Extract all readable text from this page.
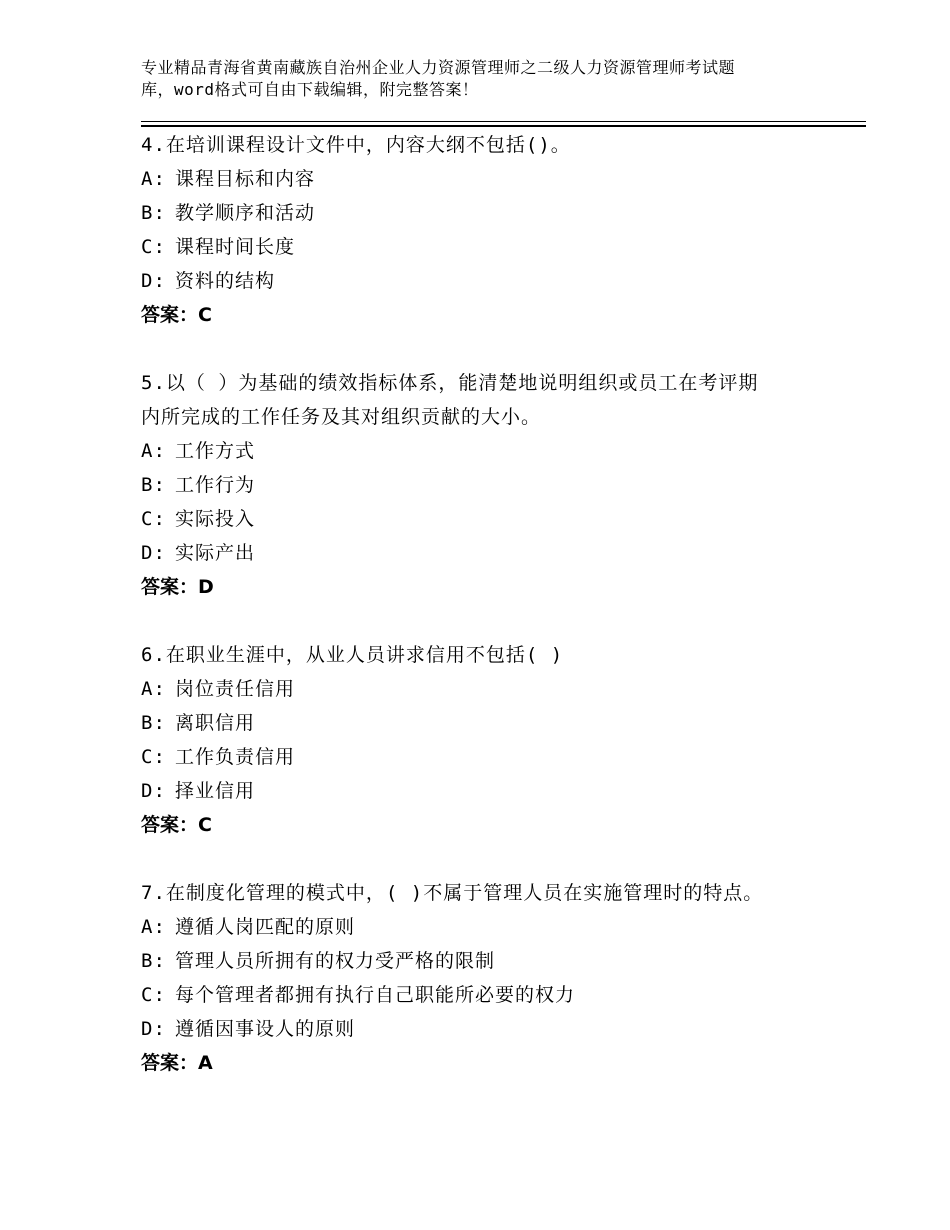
专业精品青海省黄南藏族自治州企业人力资源管理师之二级人力资源管理师考试题
库，word格式可自由下载编辑，附完整答案！
4.在培训课程设计文件中，内容大纲不包括()。
A: 课程目标和内容
B: 教学顺序和活动
C: 课程时间长度
D: 资料的结构
答案：C
5.以（ ）为基础的绩效指标体系，能清楚地说明组织或员工在考评期
内所完成的工作任务及其对组织贡献的大小。
A: 工作方式
B: 工作行为
C: 实际投入
D: 实际产出
答案：D
6.在职业生涯中，从业人员讲求信用不包括( )
A: 岗位责任信用
B: 离职信用
C: 工作负责信用
D: 择业信用
答案：C
7.在制度化管理的模式中，( )不属于管理人员在实施管理时的特点。
A: 遵循人岗匹配的原则
B: 管理人员所拥有的权力受严格的限制
C: 每个管理者都拥有执行自己职能所必要的权力
D: 遵循因事设人的原则
答案：A
